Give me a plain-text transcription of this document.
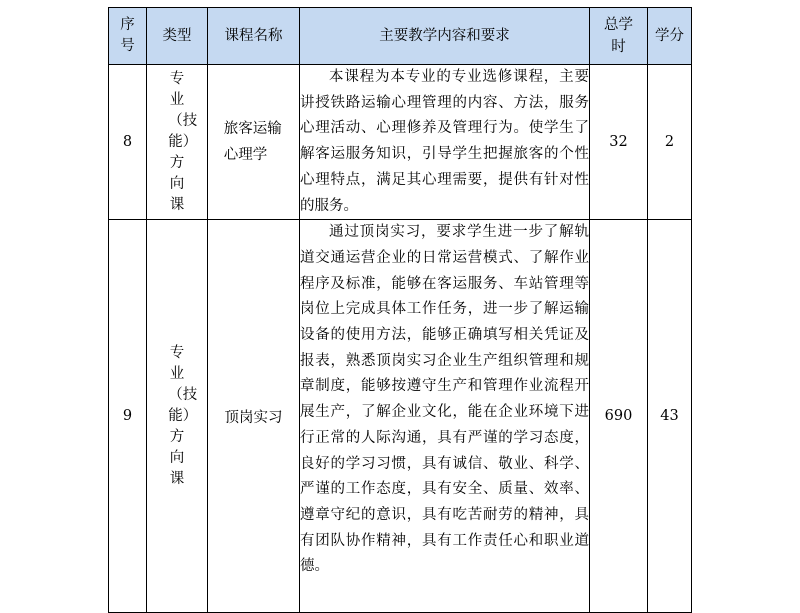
序号	类型	课程名称	主要教学内容和要求	总学时	学分
8	专业（技能）方向课	旅客运输心理学	本课程为本专业的专业选修课程，主要讲授铁路运输心理管理的内容、方法，服务心理活动、心理修养及管理行为。使学生了解客运服务知识，引导学生把握旅客的个性心理特点，满足其心理需要，提供有针对性的服务。	32	2
9	专业（技能）方向课	顶岗实习	通过顶岗实习，要求学生进一步了解轨道交通运营企业的日常运营模式、了解作业程序及标准，能够在客运服务、车站管理等岗位上完成具体工作任务，进一步了解运输设备的使用方法，能够正确填写相关凭证及报表，熟悉顶岗实习企业生产组织管理和规章制度，能够按遵守生产和管理作业流程开展生产，了解企业文化，能在企业环境下进行正常的人际沟通，具有严谨的学习态度，良好的学习习惯，具有诚信、敬业、科学、严谨的工作态度，具有安全、质量、效率、遵章守纪的意识，具有吃苦耐劳的精神，具有团队协作精神，具有工作责任心和职业道德。	690	43
